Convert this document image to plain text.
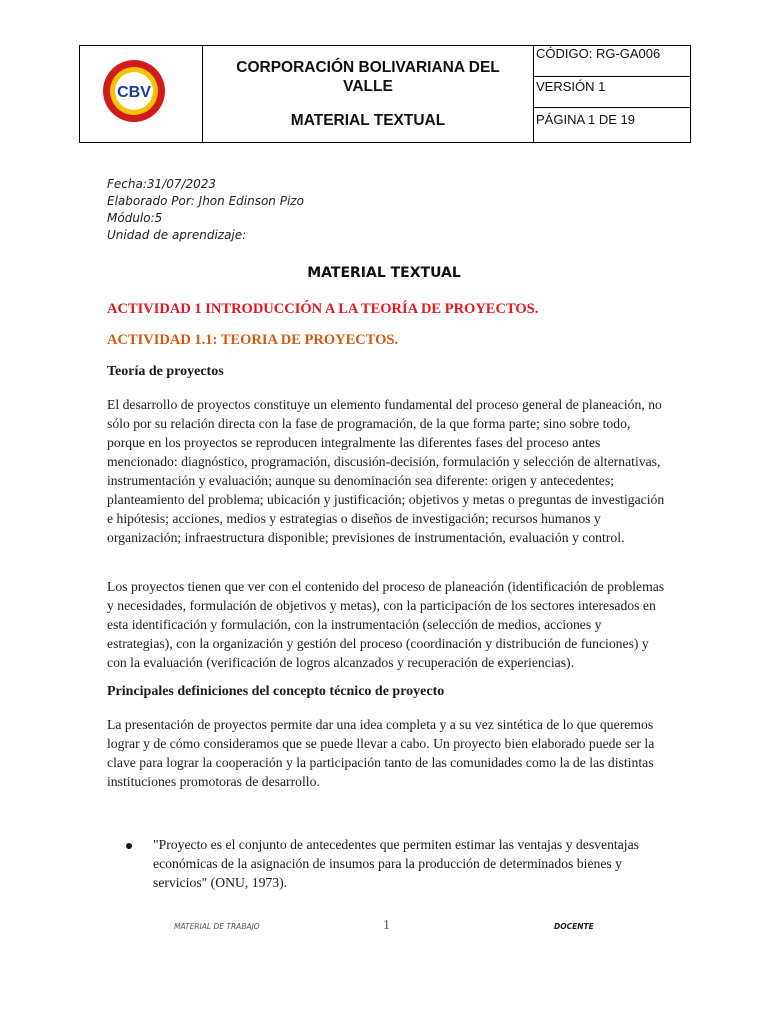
CBV
CORPORACIÓN BOLIVARIANA DEL VALLE
MATERIAL TEXTUAL
CÓDIGO: RG-GA006
VERSIÓN 1
PÁGINA 1 DE 19
Fecha:31/07/2023
Elaborado Por: Jhon Edinson Pizo
Módulo:5
Unidad de aprendizaje:
MATERIAL TEXTUAL
ACTIVIDAD 1 INTRODUCCIÓN A LA TEORÍA DE PROYECTOS.
ACTIVIDAD 1.1: TEORIA DE PROYECTOS.
Teoría de proyectos
El desarrollo de proyectos constituye un elemento fundamental del proceso general de planeación, no sólo por su relación directa con la fase de programación, de la que forma parte; sino sobre todo, porque en los proyectos se reproducen integralmente las diferentes fases del proceso antes mencionado: diagnóstico, programación, discusión-decisión, formulación y selección de alternativas, instrumentación y evaluación; aunque su denominación sea diferente: origen y antecedentes; planteamiento del problema; ubicación y justificación; objetivos y metas o preguntas de investigación e hipótesis; acciones, medios y estrategias o diseños de investigación; recursos humanos y organización; infraestructura disponible; previsiones de instrumentación, evaluación y control.
Los proyectos tienen que ver con el contenido del proceso de planeación (identificación de problemas y necesidades, formulación de objetivos y metas), con la participación de los sectores interesados en esta identificación y formulación, con la instrumentación (selección de medios, acciones y estrategias), con la organización y gestión del proceso (coordinación y distribución de funciones) y con la evaluación (verificación de logros alcanzados y recuperación de experiencias).
Principales definiciones del concepto técnico de proyecto
La presentación de proyectos permite dar una idea completa y a su vez sintética de lo que queremos lograr y de cómo consideramos que se puede llevar a cabo. Un proyecto bien elaborado puede ser la clave para lograr la cooperación y la participación tanto de las comunidades como la de las distintas instituciones promotoras de desarrollo.
"Proyecto es el conjunto de antecedentes que permiten estimar las ventajas y desventajas económicas de la asignación de insumos para la producción de determinados bienes y servicios" (ONU, 1973).
MATERIAL DE TRABAJO	1	DOCENTE
